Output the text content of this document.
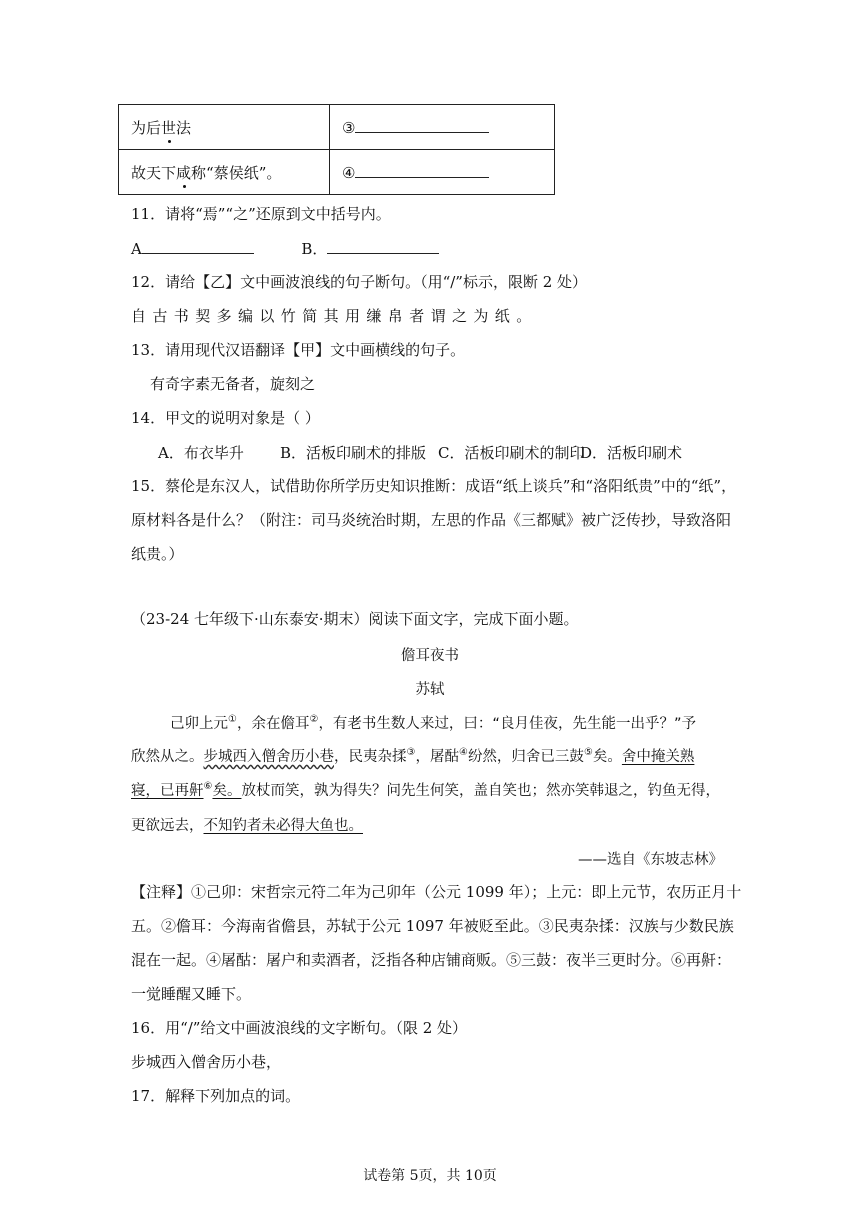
为后世法	③
故天下咸称“蔡侯纸”。	④
11．请将“焉”“之”还原到文中括号内。
A	B．
12．请给【乙】文中画波浪线的句子断句。（用“/”标示，限断 2 处）
自古书契多编以竹简其用缣帛者谓之为纸。
13．请用现代汉语翻译【甲】文中画横线的句子。
有奇字素无备者，旋刻之
14．甲文的说明对象是（ ）
A．布衣毕升 B．活板印刷术的排版 C．活板印刷术的制印
D．活板印刷术
15．蔡伦是东汉人，试借助你所学历史知识推断：成语“纸上谈兵”和“洛阳纸贵”中的“纸”，
原材料各是什么？（附注：司马炎统治时期，左思的作品《三都赋》被广泛传抄，导致洛阳
纸贵。）
（23-24 七年级下·山东泰安·期末）阅读下面文字，完成下面小题。
儋耳夜书
苏轼
己卯上元①，余在儋耳②，有老书生数人来过，曰：“良月佳夜，先生能一出乎？”予
欣然从之。步城西入僧舍历小巷，民夷杂揉③，屠酤④纷然，归舍已三鼓⑤矣。舍中掩关熟
寝，已再鼾⑥矣。放杖而笑，孰为得失？问先生何笑，盖自笑也；然亦笑韩退之，钓鱼无得，
更欲远去，不知钓者未必得大鱼也。
——选自《东坡志林》
【注释】①己卯：宋哲宗元符二年为己卯年（公元 1099 年）；上元：即上元节，农历正月十
五。②儋耳：今海南省儋县，苏轼于公元 1097 年被贬至此。③民夷杂揉：汉族与少数民族
混在一起。④屠酤：屠户和卖酒者，泛指各种店铺商贩。⑤三鼓：夜半三更时分。⑥再鼾：
一觉睡醒又睡下。
16．用“/”给文中画波浪线的文字断句。（限 2 处）
步城西入僧舍历小巷，
17．解释下列加点的词。
试卷第 5页，共 10页
